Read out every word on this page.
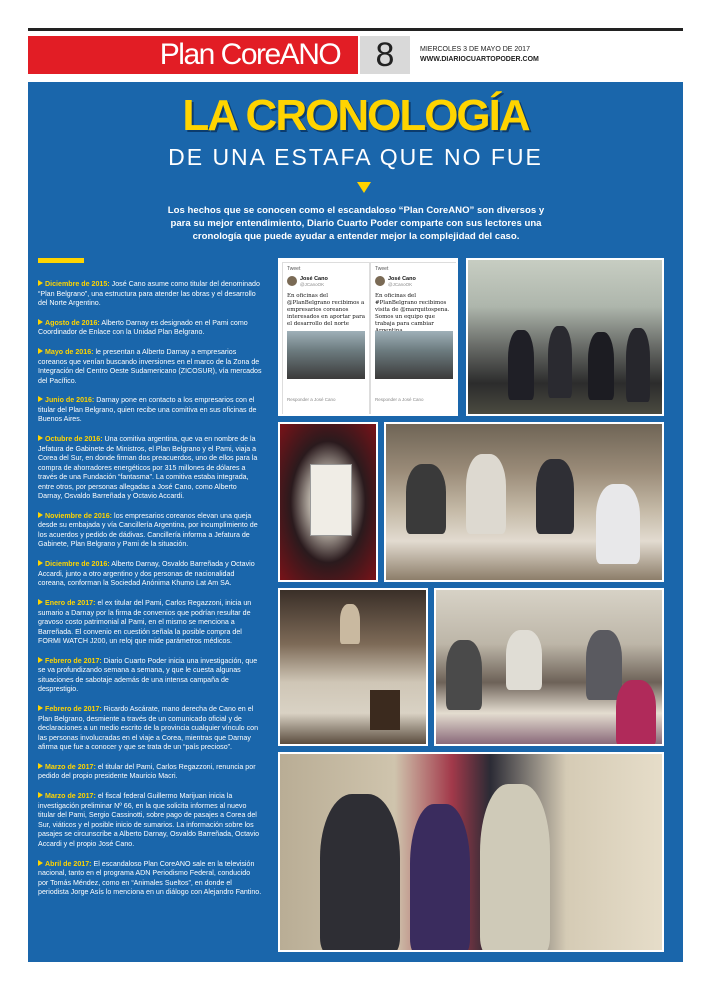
Plan CoreANO	8	MIERCOLES 3 DE MAYO DE 2017
WWW.DIARIOCUARTOPODER.COM
LA CRONOLOGÍA
DE UNA ESTAFA QUE NO FUE
Los hechos que se conocen como el escandaloso “Plan CoreANO” son diversos y para su mejor entendimiento, Diario Cuarto Poder comparte con sus lectores una cronología que puede ayudar a entender mejor la complejidad del caso.

Diciembre de 2015: José Cano asume como titular del denominado “Plan Belgrano”, una estructura para atender las obras y el desarrollo del Norte Argentino.

Agosto de 2016: Alberto Darnay es designado en el Pami como Coordinador de Enlace con la Unidad Plan Belgrano.

Mayo de 2016: le presentan a Alberto Darnay a empresarios coreanos que venían buscando inversiones en el marco de la Zona de Integración del Centro Oeste Sudamericano (ZICOSUR), vía mercados del Pacífico.

Junio de 2016: Darnay pone en contacto a los empresarios con el titular del Plan Belgrano, quien recibe una comitiva en sus oficinas de Buenos Aires.

Octubre de 2016: Una comitiva argentina, que va en nombre de la Jefatura de Gabinete de Ministros, el Plan Belgrano y el Pami, viaja a Corea del Sur, en donde firman dos preacuerdos, uno de ellos para la compra de ahorradores energéticos por 315 millones de dólares a través de una Fundación “fantasma”. La comitiva estaba integrada, entre otros, por personas allegadas a José Cano, como Alberto Darnay, Osvaldo Barreñada y Octavio Accardi.

Noviembre de 2016: los empresarios coreanos elevan una queja desde su embajada y vía Cancillería Argentina, por incumplimiento de los acuerdos y pedido de dádivas. Cancillería informa a Jefatura de Gabinete, Plan Belgrano y Pami de la situación.

Diciembre de 2016: Alberto Darnay, Osvaldo Barreñada y Octavio Accardi, junto a otro argentino y dos personas de nacionalidad coreana, conforman la Sociedad Anónima Khumo Lat Am SA.

Enero de 2017: el ex titular del Pami, Carlos Regazzoni, inicia un sumario a Darnay por la firma de convenios que podrían resultar de gravoso costo patrimonial al Pami, en el mismo se menciona a Barreñada. El convenio en cuestión señala la posible compra del FORMI WATCH J200, un reloj que mide parámetros médicos.

Febrero de 2017: Diario Cuarto Poder inicia una investigación, que se va profundizando semana a semana, y que le cuesta algunas situaciones de sabotaje además de una intensa campaña de desprestigio.

Febrero de 2017: Ricardo Ascárate, mano derecha de Cano en el Plan Belgrano, desmiente a través de un comunicado oficial y de declaraciones a un medio escrito de la provincia cualquier vínculo con las personas involucradas en el viaje a Corea, mientras que Darnay afirma que fue a conocer y que se trata de un “país precioso”.

Marzo de 2017: el titular del Pami, Carlos Regazzoni, renuncia por pedido del propio presidente Mauricio Macri.

Marzo de 2017: el fiscal federal Guillermo Marijuan inicia la investigación preliminar Nº 66, en la que solicita informes al nuevo titular del Pami, Sergio Cassinotti, sobre pago de pasajes a Corea del Sur, viáticos y el posible inicio de sumarios. La información sobre los pasajes se circunscribe a Alberto Darnay, Osvaldo Barreñada, Octavio Accardi y el propio José Cano.

Abril de 2017: El escandaloso Plan CoreANO sale en la televisión nacional, tanto en el programa ADN Periodismo Federal, conducido por Tomás Méndez, como en “Animales Sueltos”, en donde el periodista Jorge Asís lo menciona en un diálogo con Alejandro Fantino.

Tweet
José Cano
@JCanoOK
En oficinas del @PlanBelgrano recibimos a empresarios coreanos interesados en aportar para el desarrollo del norte
Responder a José Cano
Tweet
José Cano
@JCanoOK
En oficinas del #PlanBelgrano recibimos visita de @marquitospena. Somos un equipo que trabaja para cambiar
Responder a José Cano
